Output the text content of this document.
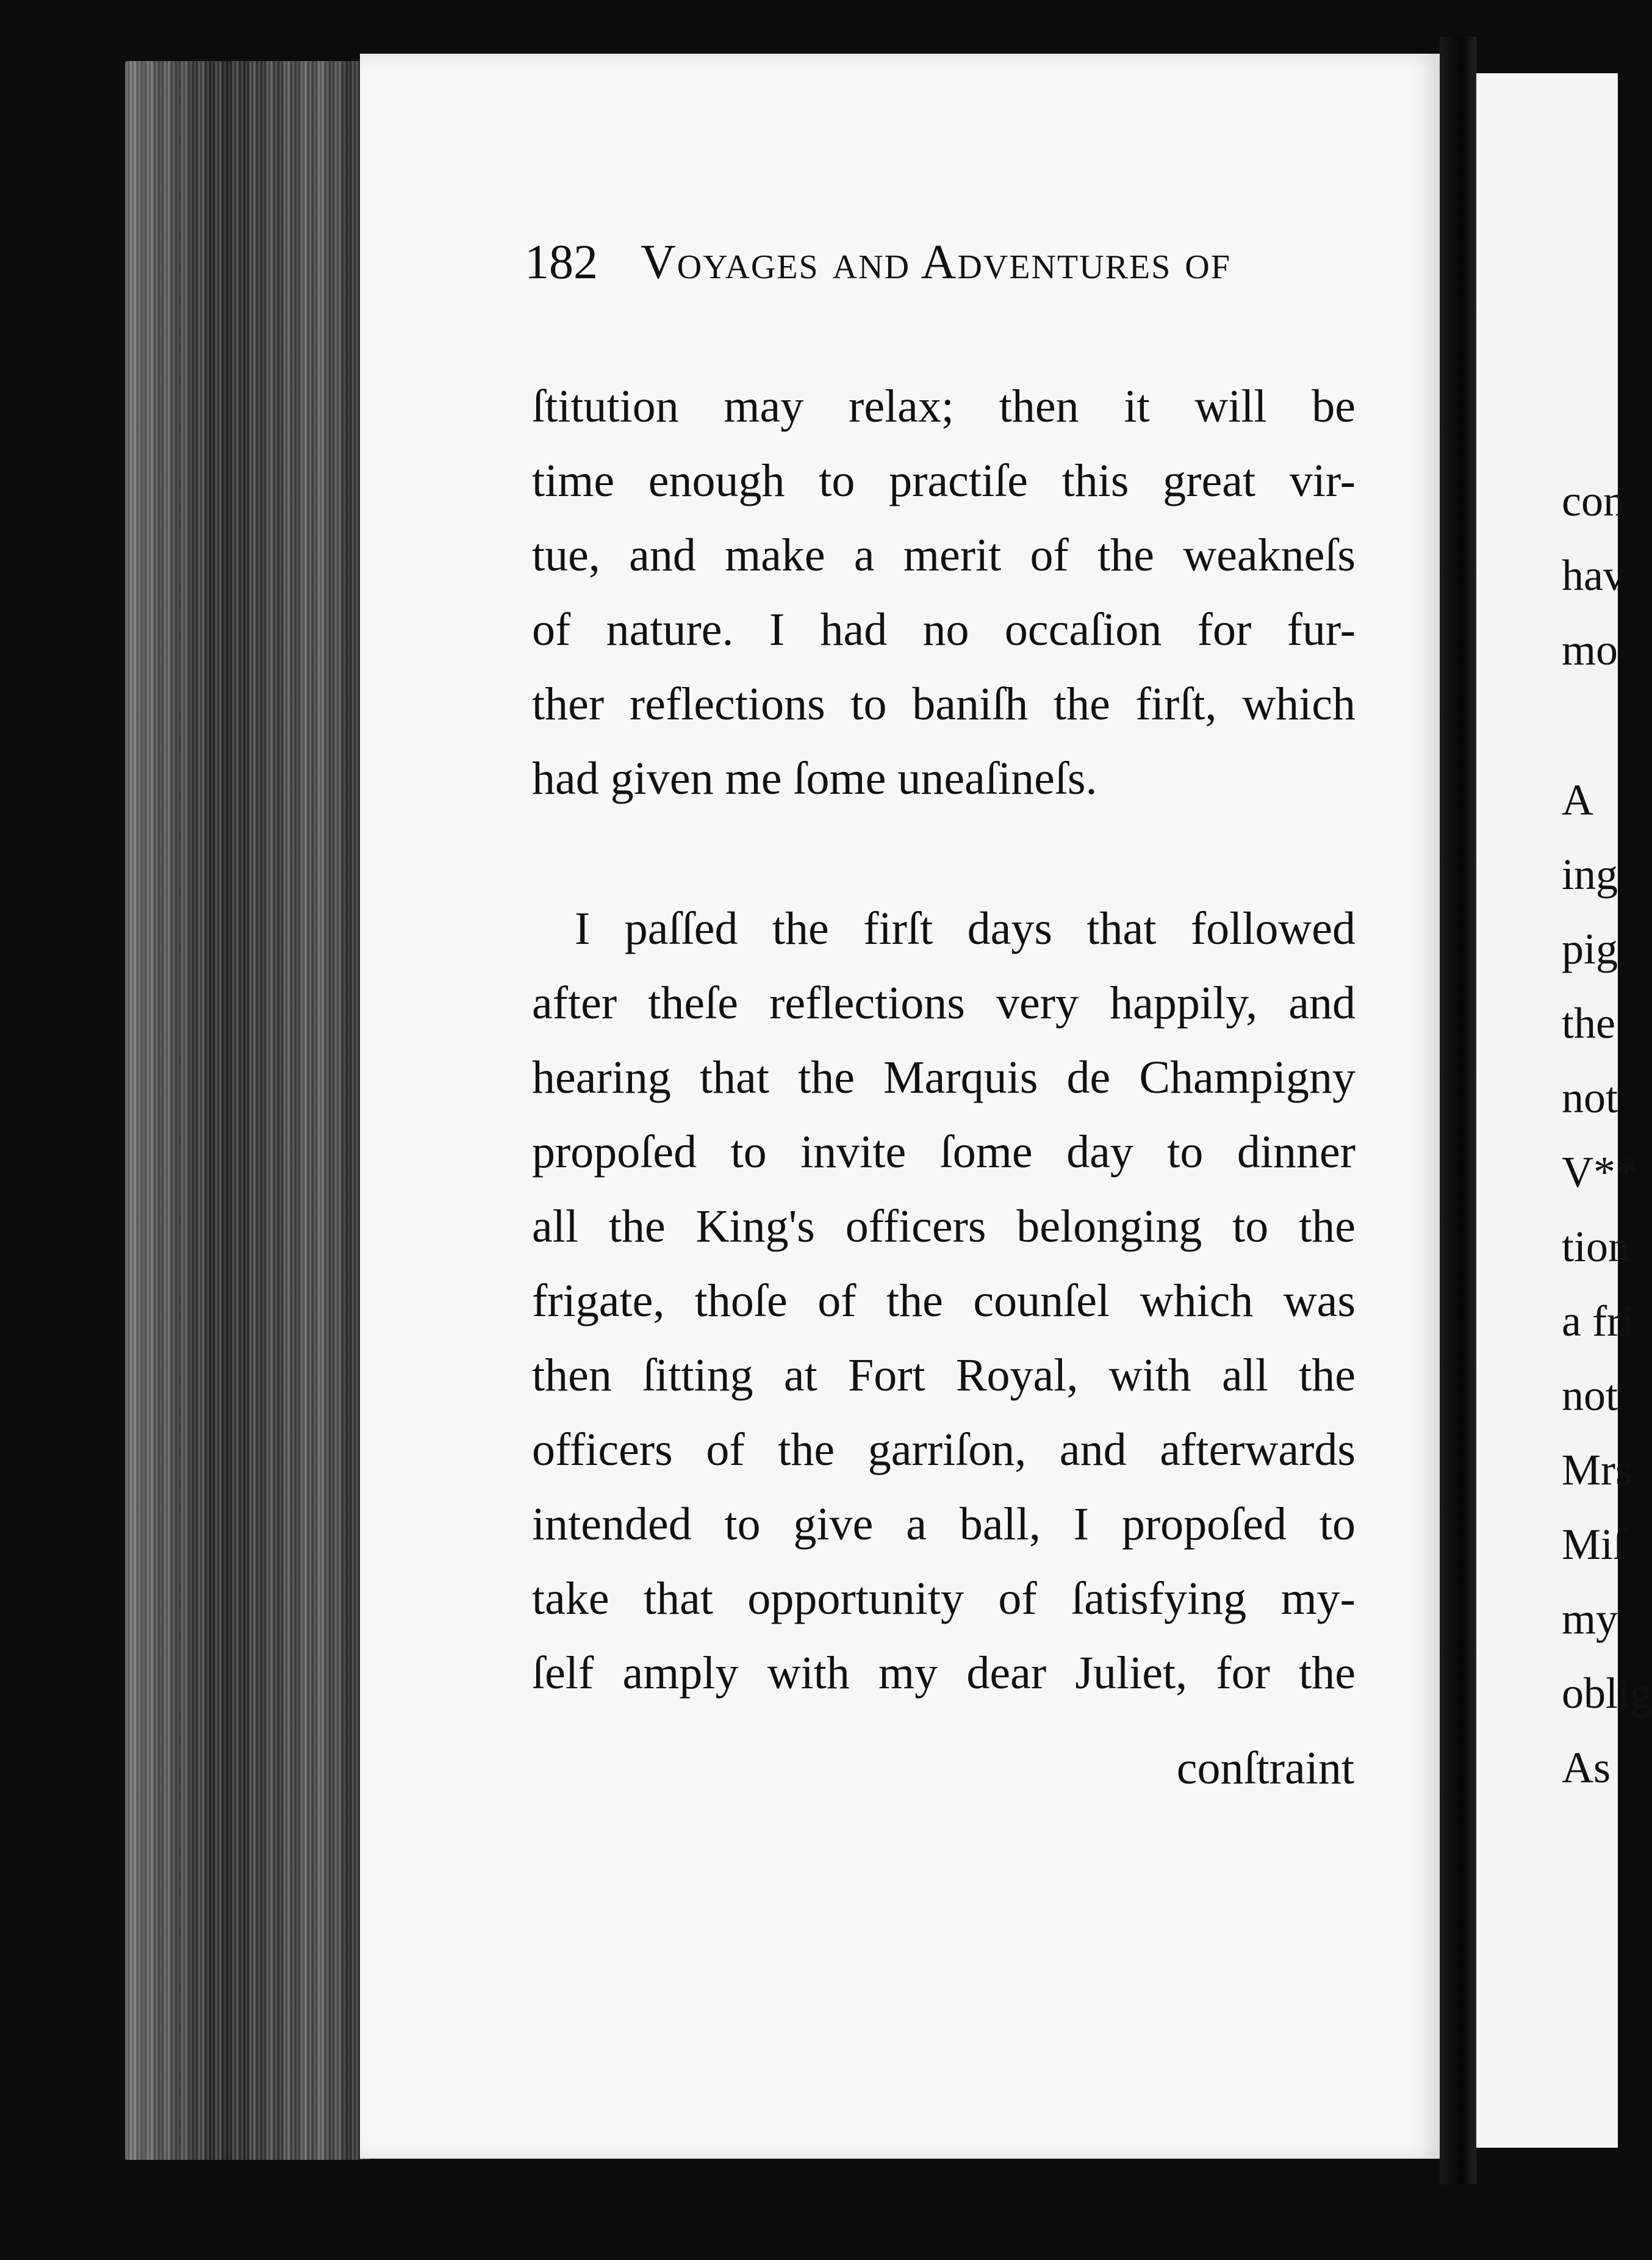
182 Voyages and Adventures of
ſtitution may relax; then it will be
time enough to practiſe this great vir-
tue, and make a merit of the weakneſs
of nature. I had no occaſion for fur-
ther reflections to baniſh the firſt, which
had given me ſome uneaſineſs.
I paſſed the firſt days that followed
after theſe reflections very happily, and
hearing that the Marquis de Champigny
propoſed to invite ſome day to dinner
all the King's officers belonging to the
frigate, thoſe of the counſel which was
then ſitting at Fort Royal, with all the
officers of the garriſon, and afterwards
intended to give a ball, I propoſed to
take that opportunity of ſatisfying my-
ſelf amply with my dear Juliet, for the
conſtraint
con
hav
mo
A
ing
pig
the
not
V**
tion
a fri
not
Mrs
Miſ
my
oblig
As
